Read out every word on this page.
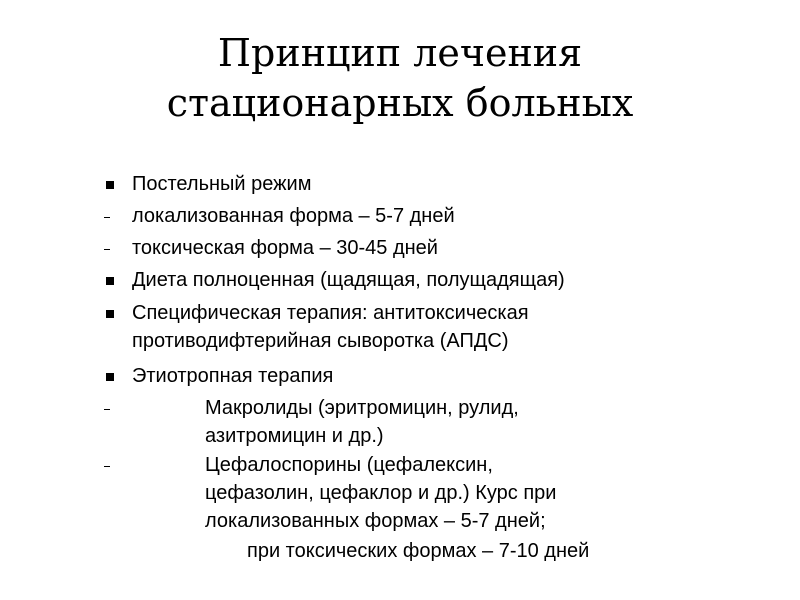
Принцип лечения
стационарных больных
Постельный режим
локализованная форма – 5-7 дней
токсическая форма – 30-45 дней
Диета полноценная (щадящая, полущадящая)
Специфическая терапия: антитоксическая
противодифтерийная сыворотка (АПДС)
Этиотропная терапия
Макролиды (эритромицин, рулид,
азитромицин и др.)
Цефалоспорины (цефалексин,
цефазолин, цефаклор и др.) Курс при
локализованных формах – 5-7 дней;
при токсических формах – 7-10 дней
